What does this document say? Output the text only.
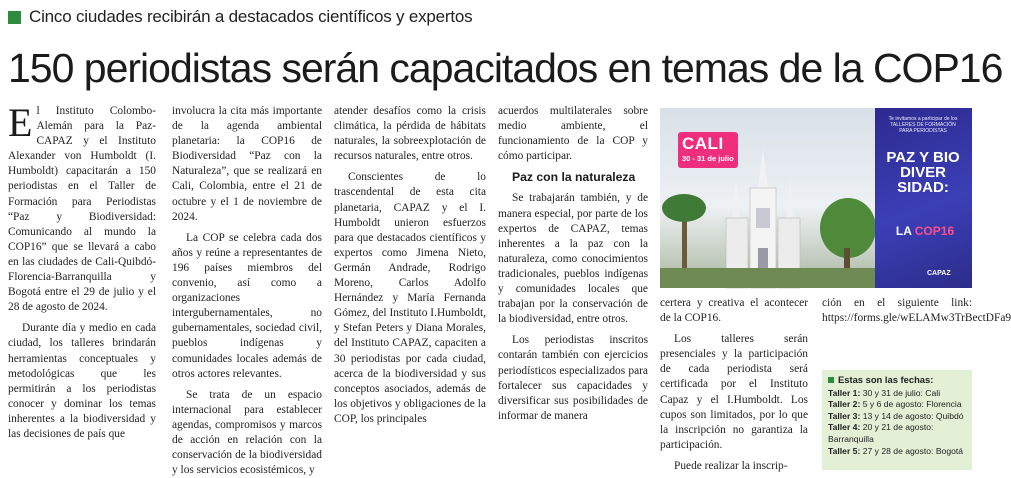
Cinco ciudades recibirán a destacados científicos y expertos
150 periodistas serán capacitados en temas de la COP16

El Instituto Colombo-Alemán para la Paz-CAPAZ y el Instituto Alexander von Humboldt (I. Humboldt) capacitarán a 150 periodistas en el Taller de Formación para Periodistas “Paz y Biodiversidad: Comunicando al mundo la COP16” que se llevará a cabo en las ciudades de Cali-Quibdó- Florencia-Barranquilla y Bogotá entre el 29 de julio y el 28 de agosto de 2024.

Durante día y medio en cada ciudad, los talleres brindarán herramientas conceptuales y metodológicas que les permitirán a los periodistas conocer y dominar los temas inherentes a la biodiversidad y las decisiones de país que

involucra la cita más importante de la agenda ambiental planetaria: la COP16 de Biodiversidad “Paz con la Naturaleza”, que se realizará en Cali, Colombia, entre el 21 de octubre y el 1 de noviembre de 2024.

La COP se celebra cada dos años y reúne a representantes de 196 países miembros del convenio, así como a organizaciones intergubernamentales, no gubernamentales, sociedad civil, pueblos indígenas y comunidades locales además de otros actores relevantes.

Se trata de un espacio internacional para establecer agendas, compromisos y marcos de acción en relación con la conservación de la biodiversidad y los servicios ecosistémicos, y

atender desafíos como la crisis climática, la pérdida de hábitats naturales, la sobreexplotación de recursos naturales, entre otros.

Conscientes de lo trascendental de esta cita planetaria, CAPAZ y el I. Humboldt unieron esfuerzos para que destacados científicos y expertos como Jimena Nieto, Germán Andrade, Rodrigo Moreno, Carlos Adolfo Hernández y María Fernanda Gómez, del Instituto I.Humboldt, y Stefan Peters y Diana Morales, del Instituto CAPAZ, capaciten a 30 periodistas por cada ciudad, acerca de la biodiversidad y sus conceptos asociados, además de los objetivos y obligaciones de la COP, los principales

acuerdos multilaterales sobre medio ambiente, el funcionamiento de la COP y cómo participar.

Paz con la naturaleza

Se trabajarán también, y de manera especial, por parte de los expertos de CAPAZ, temas inherentes a la paz con la naturaleza, como conocimientos tradicionales, pueblos indígenas y comunidades locales que trabajan por la conservación de la biodiversidad, entre otros.

Los periodistas inscritos contarán también con ejercicios periodísticos especializados para fortalecer sus capacidades y diversificar sus posibilidades de informar de manera

CALI
30 - 31 de julio
Te invitamos a participar de los TALLERES DE FORMACIÓN PARA PERIODISTAS
PAZ Y BIO DIVER SIDAD:
LA COP16
CAPAZ

certera y creativa el acontecer de la COP16.

Los talleres serán presenciales y la participación de cada periodista será certificada por el Instituto Capaz y el I.Humboldt. Los cupos son limitados, por lo que la inscripción no garantiza la participación.

Puede realizar la inscrip-

ción en el siguiente link: https://forms.gle/wELAMw3TrBectDFa9

Estas son las fechas:
Taller 1: 30 y 31 de julio: Cali
Taller 2: 5 y 6 de agosto: Florencia
Taller 3: 13 y 14 de agosto: Quibdó
Taller 4: 20 y 21 de agosto: Barranquilla
Taller 5: 27 y 28 de agosto: Bogotá
